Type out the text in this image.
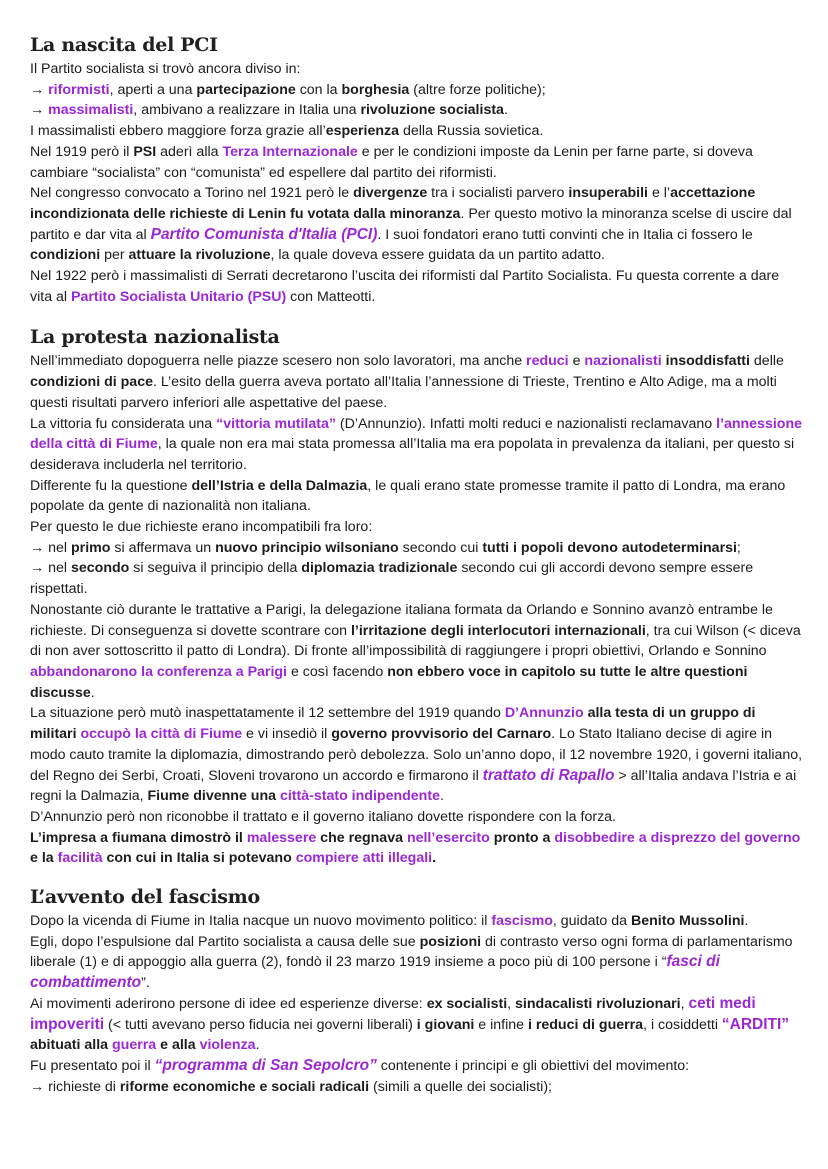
La nascita del PCI

Il Partito socialista si trovò ancora diviso in:

→ riformisti, aperti a una partecipazione con la borghesia (altre forze politiche);

→ massimalisti, ambivano a realizzare in Italia una rivoluzione socialista.

I massimalisti ebbero maggiore forza grazie all’esperienza della Russia sovietica.

Nel 1919 però il PSI aderì alla Terza Internazionale e per le condizioni imposte da Lenin per farne parte, si doveva cambiare “socialista” con “comunista” ed espellere dal partito dei riformisti.

Nel congresso convocato a Torino nel 1921 però le divergenze tra i socialisti parvero insuperabili e l’accettazione incondizionata delle richieste di Lenin fu votata dalla minoranza. Per questo motivo la minoranza scelse di uscire dal partito e dar vita al Partito Comunista d'Italia (PCI). I suoi fondatori erano tutti convinti che in Italia ci fossero le condizioni per attuare la rivoluzione, la quale doveva essere guidata da un partito adatto.

Nel 1922 però i massimalisti di Serrati decretarono l’uscita dei riformisti dal Partito Socialista. Fu questa corrente a dare vita al Partito Socialista Unitario (PSU) con Matteotti.

La protesta nazionalista

Nell’immediato dopoguerra nelle piazze scesero non solo lavoratori, ma anche reduci e nazionalisti insoddisfatti delle condizioni di pace. L’esito della guerra aveva portato all’Italia l’annessione di Trieste, Trentino e Alto Adige, ma a molti questi risultati parvero inferiori alle aspettative del paese.

La vittoria fu considerata una “vittoria mutilata” (D’Annunzio). Infatti molti reduci e nazionalisti reclamavano l’annessione della città di Fiume, la quale non era mai stata promessa all’Italia ma era popolata in prevalenza da italiani, per questo si desiderava includerla nel territorio.

Differente fu la questione dell’Istria e della Dalmazia, le quali erano state promesse tramite il patto di Londra, ma erano popolate da gente di nazionalità non italiana.

Per questo le due richieste erano incompatibili fra loro:

→ nel primo si affermava un nuovo principio wilsoniano secondo cui tutti i popoli devono autodeterminarsi;

→ nel secondo si seguiva il principio della diplomazia tradizionale secondo cui gli accordi devono sempre essere rispettati.

Nonostante ciò durante le trattative a Parigi, la delegazione italiana formata da Orlando e Sonnino avanzò entrambe le richieste. Di conseguenza si dovette scontrare con l’irritazione degli interlocutori internazionali, tra cui Wilson (< diceva di non aver sottoscritto il patto di Londra). Di fronte all’impossibilità di raggiungere i propri obiettivi, Orlando e Sonnino abbandonarono la conferenza a Parigi e così facendo non ebbero voce in capitolo su tutte le altre questioni discusse.

La situazione però mutò inaspettatamente il 12 settembre del 1919 quando D’Annunzio alla testa di un gruppo di militari occupò la città di Fiume e vi insediò il governo provvisorio del Carnaro. Lo Stato Italiano decise di agire in modo cauto tramite la diplomazia, dimostrando però debolezza. Solo un’anno dopo, il 12 novembre 1920, i governi italiano, del Regno dei Serbi, Croati, Sloveni trovarono un accordo e firmarono il trattato di Rapallo > all’Italia andava l’Istria e ai regni la Dalmazia, Fiume divenne una città-stato indipendente.

D’Annunzio però non riconobbe il trattato e il governo italiano dovette rispondere con la forza.

L’impresa a fiumana dimostrò il malessere che regnava nell’esercito pronto a disobbedire a disprezzo del governo e la facilità con cui in Italia si potevano compiere atti illegali.

L’avvento del fascismo

Dopo la vicenda di Fiume in Italia nacque un nuovo movimento politico: il fascismo, guidato da Benito Mussolini.

Egli, dopo l’espulsione dal Partito socialista a causa delle sue posizioni di contrasto verso ogni forma di parlamentarismo liberale (1) e di appoggio alla guerra (2), fondò il 23 marzo 1919 insieme a poco più di 100 persone i “fasci di combattimento”.

Ai movimenti aderirono persone di idee ed esperienze diverse: ex socialisti, sindacalisti rivoluzionari, ceti medi impoveriti (< tutti avevano perso fiducia nei governi liberali) i giovani e infine i reduci di guerra, i cosiddetti “ARDITI” abituati alla guerra e alla violenza.

Fu presentato poi il “programma di San Sepolcro” contenente i principi e gli obiettivi del movimento:

→ richieste di riforme economiche e sociali radicali (simili a quelle dei socialisti);
